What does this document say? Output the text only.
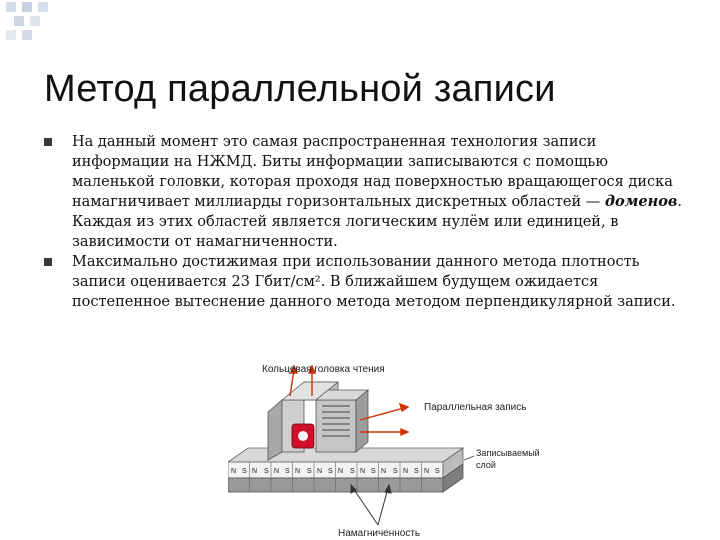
Метод параллельной записи
На данный момент это самая распространенная технология записи информации на НЖМД. Биты информации записываются с помощью маленькой головки, которая проходя над поверхностью вращающегося диска намагничивает миллиарды горизонтальных дискретных областей — доменов. Каждая из этих областей является логическим нулём или единицей, в зависимости от намагниченности.
Максимально достижимая при использовании данного метода плотность записи оценивается 23 Гбит/см². В ближайшем будущем ожидается постепенное вытеснение данного метода методом перпендикулярной записи.
N S N S N S N S N S N S N S N S N S N S
Кольцевая головка чтения
Параллельная запись
Записываемый
слой
Намагниченность
